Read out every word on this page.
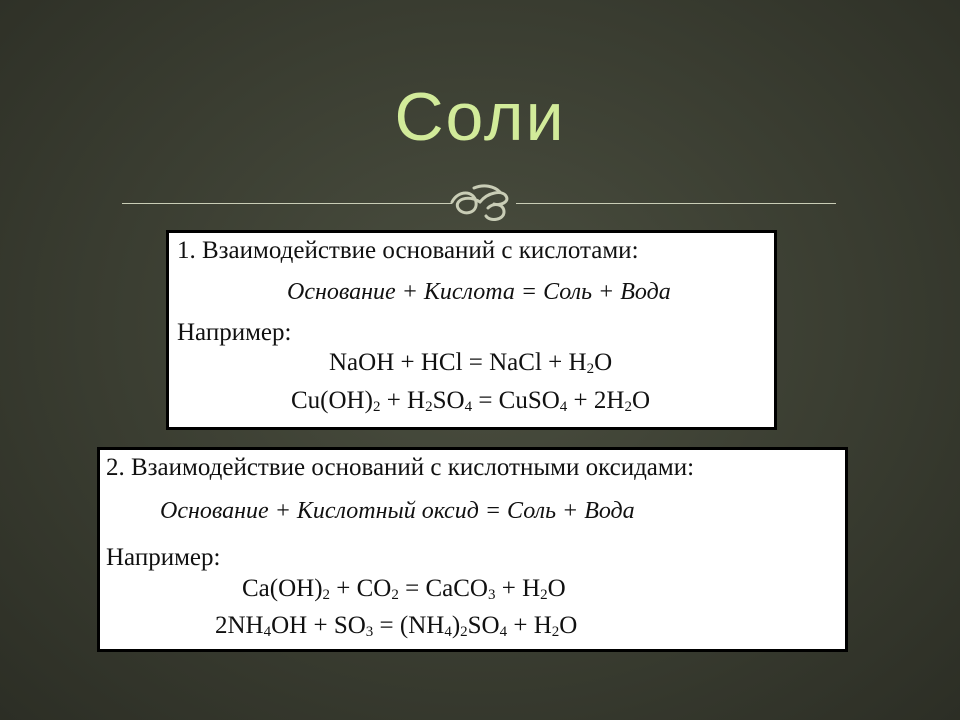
Соли
1. Взаимодействие оснований с кислотами:
Основание + Кислота = Соль + Вода
Например:
NaOH + HCl = NaCl + $H_2O$
$Cu(OH)_2 + H_2SO_4$ = CuSO$_4$ + $2H_2O$
2. Взаимодействие оснований с кислотными оксидами:
Основание + Кислотный оксид = Соль + Вода
Например:
$Ca(OH)_2 + CO_2$ = CaCO$_3$ + $H_2O$
$2NH_4OH + SO_3 = (NH_4)_2SO_4 + H_2O$
